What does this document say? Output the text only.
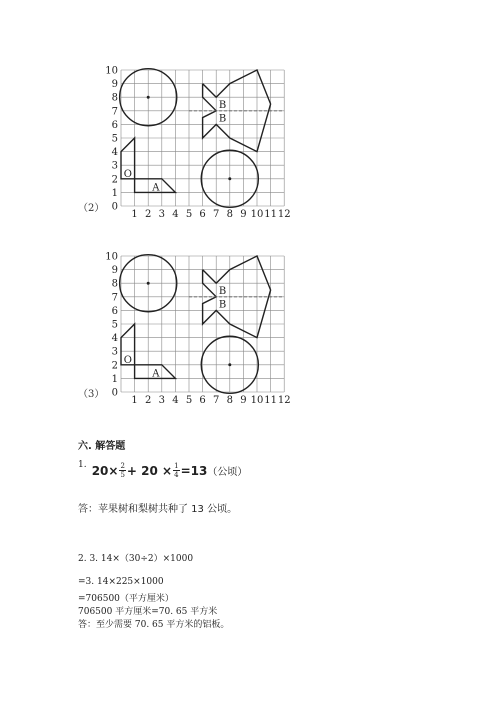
1 2 3 4 5 6 7 8 9 10 11 12
0
1
2
3
4
5
6
7
8
9
10
B
B
O
A
1 2 3 4 5 6 7 8 9 10 11 12
0
1
2
3
4
5
6
7
8
9
10
B
B
O
A
（2）
（3）
六. 解答题
$^{1.}$ $20\times \frac{2}{5} + 20 \times \frac{1}{4} =13$（公顷）
答：苹果树和梨树共种了 13 公顷。
2. 3. 14×（30÷2）×1000
=3. 14×225×1000
=706500（平方厘米）
706500 平方厘米=70. 65 平方米
答：至少需要 70. 65 平方米的铝板。
